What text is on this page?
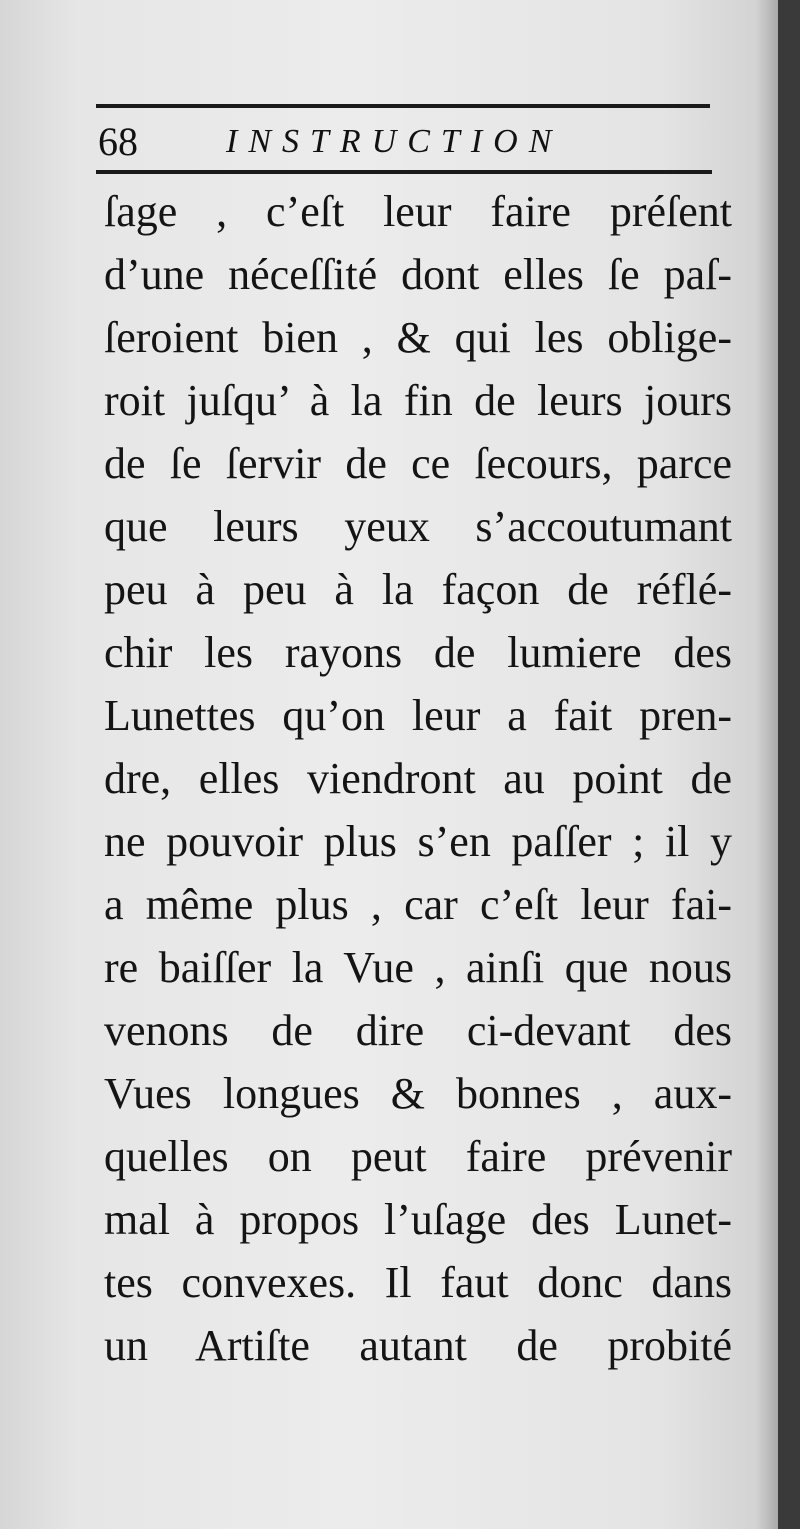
68	INSTRUCTION
ſage , c’eſt leur faire préſent
d’une néceſſité dont elles ſe paſ-
ſeroient bien , & qui les oblige-
roit juſqu’ à la fin de leurs jours
de ſe ſervir de ce ſecours, parce
que leurs yeux s’accoutumant
peu à peu à la façon de réflé-
chir les rayons de lumiere des
Lunettes qu’on leur a fait pren-
dre, elles viendront au point de
ne pouvoir plus s’en paſſer ; il y
a même plus , car c’eſt leur fai-
re baiſſer la Vue , ainſi que nous
venons de dire ci-devant des
Vues longues & bonnes , aux-
quelles on peut faire prévenir
mal à propos l’uſage des Lunet-
tes convexes. Il faut donc dans
un Artiſte autant de probité
